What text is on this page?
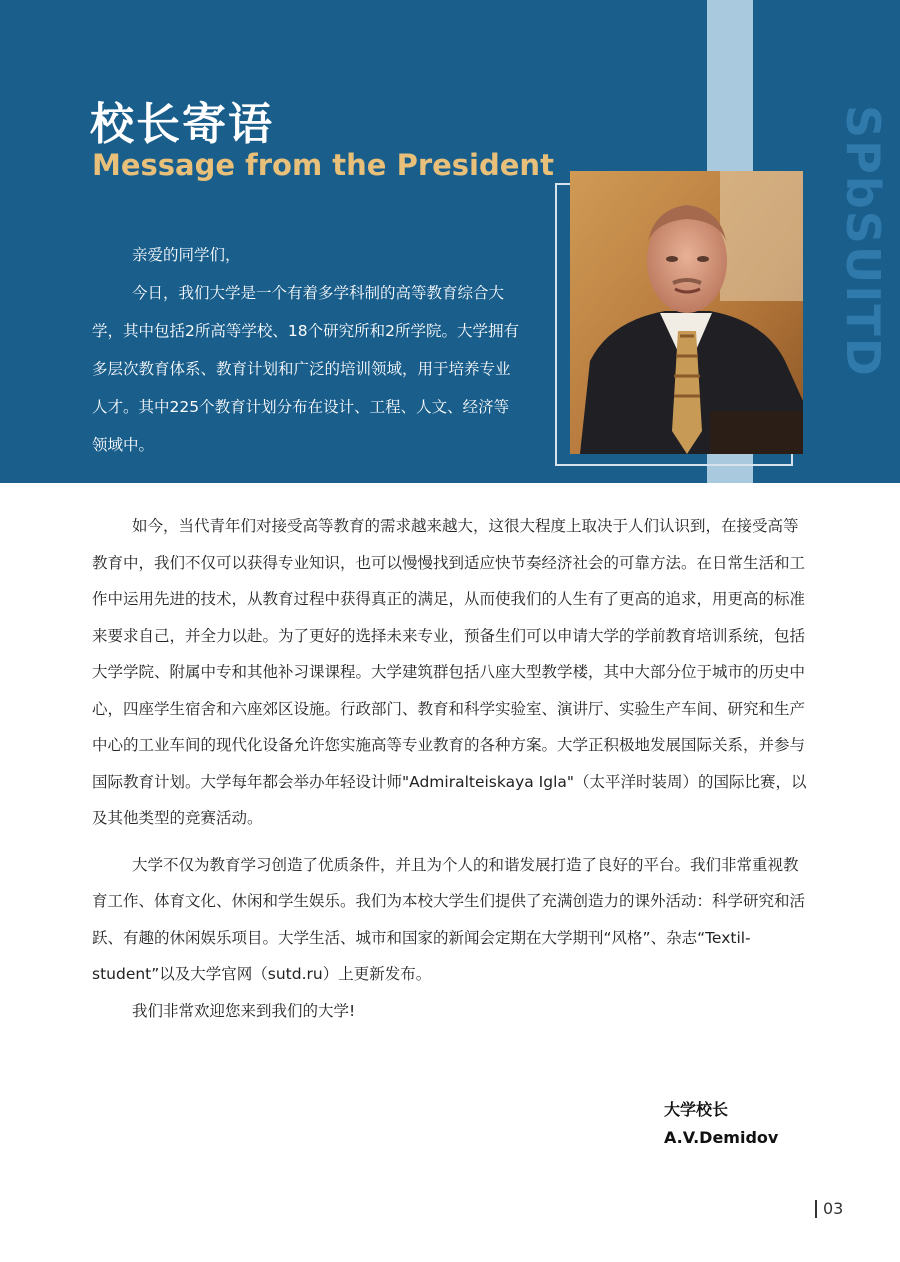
SPbSUITD
校长寄语
Message from the President

亲爱的同学们，

今日，我们大学是一个有着多学科制的高等教育综合大学，其中包括2所高等学校、18个研究所和2所学院。大学拥有多层次教育体系、教育计划和广泛的培训领域，用于培养专业人才。其中225个教育计划分布在设计、工程、人文、经济等领域中。

如今，当代青年们对接受高等教育的需求越来越大，这很大程度上取决于人们认识到，在接受高等教育中，我们不仅可以获得专业知识，也可以慢慢找到适应快节奏经济社会的可靠方法。在日常生活和工作中运用先进的技术，从教育过程中获得真正的满足，从而使我们的人生有了更高的追求，用更高的标准来要求自己，并全力以赴。为了更好的选择未来专业，预备生们可以申请大学的学前教育培训系统，包括大学学院、附属中专和其他补习课课程。大学建筑群包括八座大型教学楼，其中大部分位于城市的历史中心，四座学生宿舍和六座郊区设施。行政部门、教育和科学实验室、演讲厅、实验生产车间、研究和生产中心的工业车间的现代化设备允许您实施高等专业教育的各种方案。大学正积极地发展国际关系，并参与国际教育计划。大学每年都会举办年轻设计师"Admiralteiskaya Igla"（太平洋时装周）的国际比赛，以及其他类型的竞赛活动。

大学不仅为教育学习创造了优质条件，并且为个人的和谐发展打造了良好的平台。我们非常重视教育工作、体育文化、休闲和学生娱乐。我们为本校大学生们提供了充满创造力的课外活动：科学研究和活跃、有趣的休闲娱乐项目。大学生活、城市和国家的新闻会定期在大学期刊“风格”、杂志“Textil-student”以及大学官网（sutd.ru）上更新发布。

我们非常欢迎您来到我们的大学!

大学校长
A.V.Demidov
03
